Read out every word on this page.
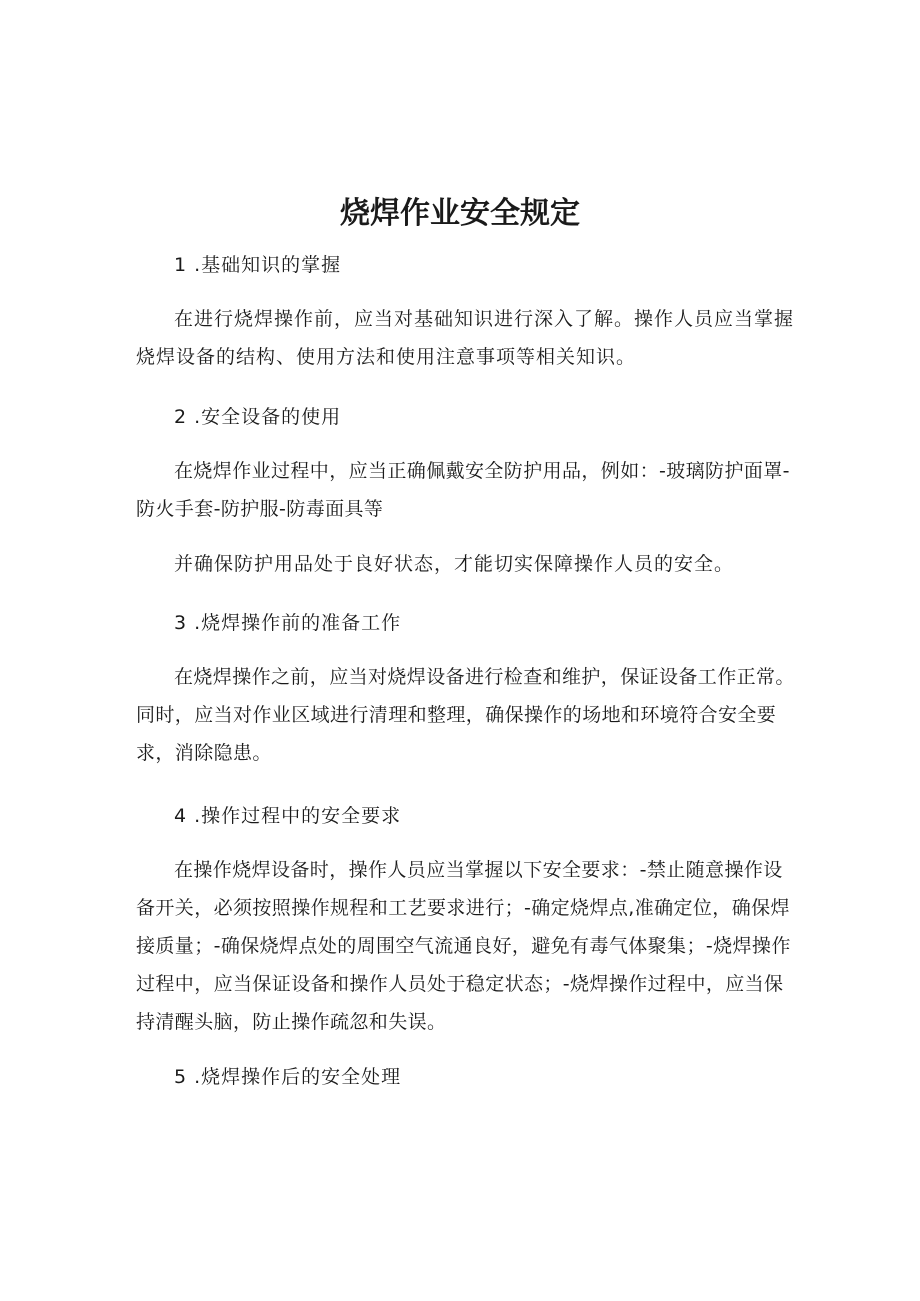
烧焊作业安全规定

1 .基础知识的掌握

在进行烧焊操作前，应当对基础知识进行深入了解。操作人员应当掌握烧焊设备的结构、使用方法和使用注意事项等相关知识。

2 .安全设备的使用

在烧焊作业过程中，应当正确佩戴安全防护用品，例如：-玻璃防护面罩-防火手套-防护服-防毒面具等

并确保防护用品处于良好状态，才能切实保障操作人员的安全。

3 .烧焊操作前的准备工作

在烧焊操作之前，应当对烧焊设备进行检查和维护，保证设备工作正常。同时，应当对作业区域进行清理和整理，确保操作的场地和环境符合安全要求，消除隐患。

4 .操作过程中的安全要求

在操作烧焊设备时，操作人员应当掌握以下安全要求：-禁止随意操作设备开关，必须按照操作规程和工艺要求进行；-确定烧焊点,准确定位，确保焊接质量；-确保烧焊点处的周围空气流通良好，避免有毒气体聚集；-烧焊操作过程中，应当保证设备和操作人员处于稳定状态；-烧焊操作过程中，应当保持清醒头脑，防止操作疏忽和失误。

5 .烧焊操作后的安全处理
